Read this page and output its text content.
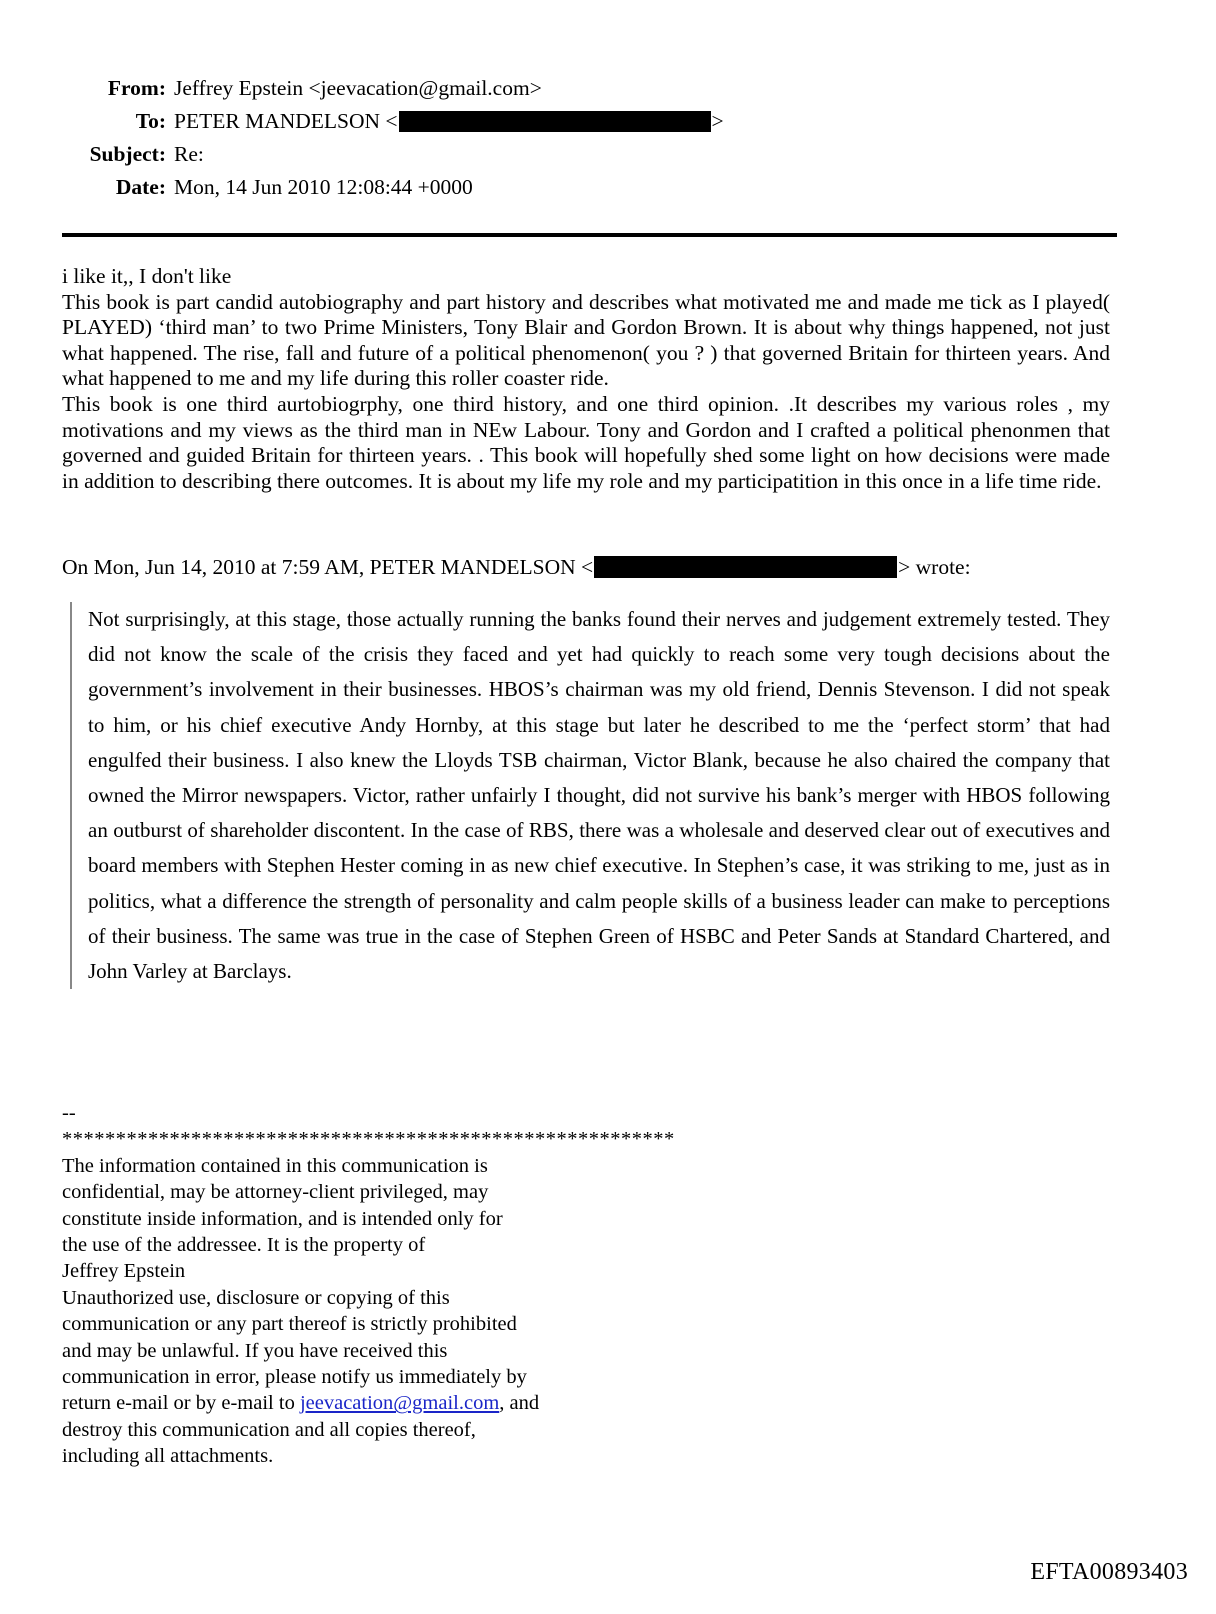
From: Jeffrey Epstein <jeevacation@gmail.com>
To: PETER MANDELSON <	>
Subject: Re:
Date: Mon, 14 Jun 2010 12:08:44 +0000

i like it,, I don't like

This book is part candid autobiography and part history and describes what motivated me and made me tick as I played( PLAYED) ‘third man’ to two Prime Ministers, Tony Blair and Gordon Brown. It is about why things happened, not just what happened. The rise, fall and future of a political phenomenon( you ? ) that governed Britain for thirteen years. And what happened to me and my life during this roller coaster ride.

This book is one third aurtobiogrphy, one third history, and one third opinion. .It describes my various roles , my motivations and my views as the third man in NEw Labour. Tony and Gordon and I crafted a political phenonmen that governed and guided Britain for thirteen years. . This book will hopefully shed some light on how decisions were made in addition to describing there outcomes. It is about my life my role and my participatition in this once in a life time ride.

On Mon, Jun 14, 2010 at 7:59 AM, PETER MANDELSON <	> wrote:

Not surprisingly, at this stage, those actually running the banks found their nerves and judgement extremely tested. They did not know the scale of the crisis they faced and yet had quickly to reach some very tough decisions about the government’s involvement in their businesses. HBOS’s chairman was my old friend, Dennis Stevenson. I did not speak to him, or his chief executive Andy Hornby, at this stage but later he described to me the ‘perfect storm’ that had engulfed their business. I also knew the Lloyds TSB chairman, Victor Blank, because he also chaired the company that owned the Mirror newspapers. Victor, rather unfairly I thought, did not survive his bank’s merger with HBOS following an outburst of shareholder discontent. In the case of RBS, there was a wholesale and deserved clear out of executives and board members with Stephen Hester coming in as new chief executive. In Stephen’s case, it was striking to me, just as in politics, what a difference the strength of personality and calm people skills of a business leader can make to perceptions of their business. The same was true in the case of Stephen Green of HSBC and Peter Sands at Standard Chartered, and John Varley at Barclays.

--

*********************************************************

The information contained in this communication is

confidential, may be attorney-client privileged, may

constitute inside information, and is intended only for

the use of the addressee. It is the property of

Jeffrey Epstein

Unauthorized use, disclosure or copying of this

communication or any part thereof is strictly prohibited

and may be unlawful. If you have received this

communication in error, please notify us immediately by

return e-mail or by e-mail to jeevacation@gmail.com, and

destroy this communication and all copies thereof,

including all attachments.

EFTA00893403
